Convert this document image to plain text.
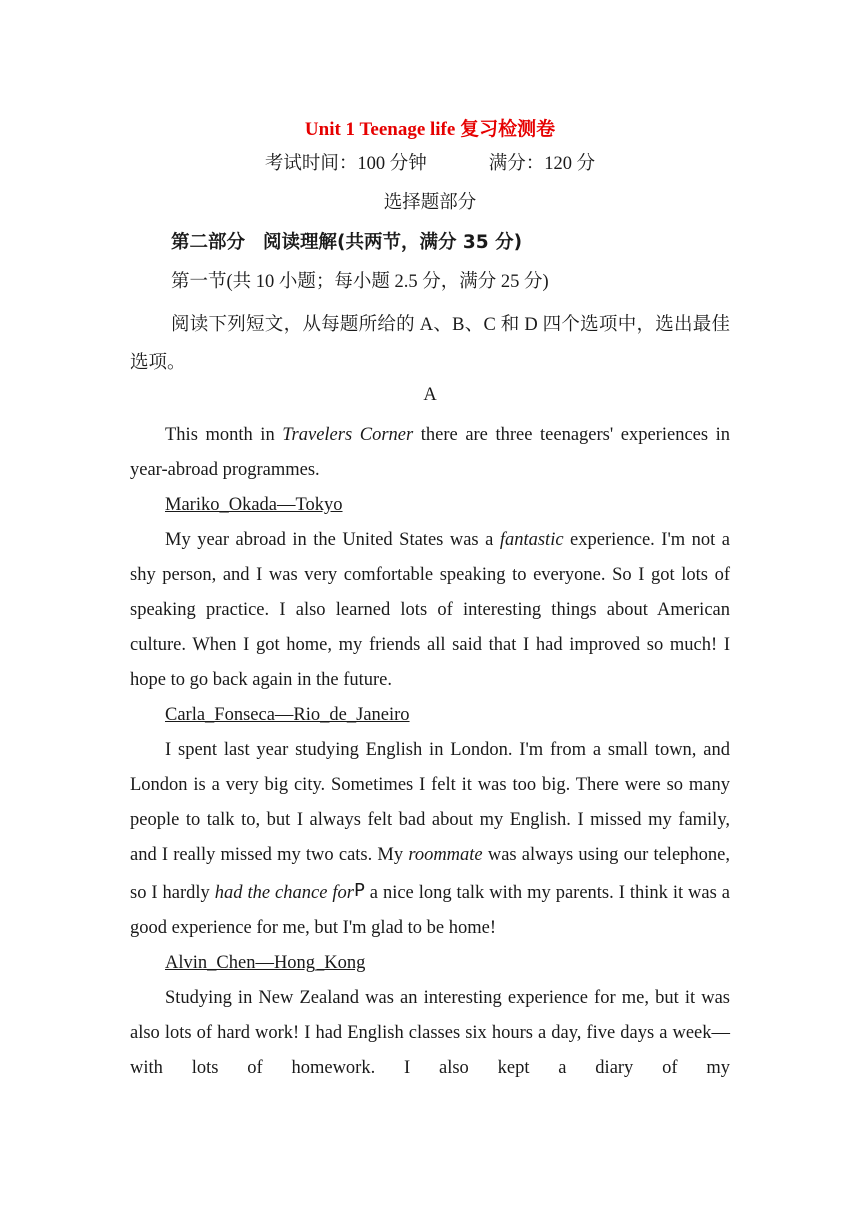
Unit 1 Teenage life 复习检测卷
考试时间：100 分钟	满分：120 分
选择题部分
第二部分 阅读理解(共两节，满分 35 分)
第一节(共 10 小题；每小题 2.5 分，满分 25 分)
阅读下列短文，从每题所给的 A、B、C 和 D 四个选项中，选出最佳选项。
A

This month in Travelers Corner there are three teenagers' experiences in year-abroad programmes.

Mariko_Okada—Tokyo

My year abroad in the United States was a fantastic experience. I'm not a shy person, and I was very comfortable speaking to everyone. So I got lots of speaking practice. I also learned lots of interesting things about American culture. When I got home, my friends all said that I had improved so much! I hope to go back again in the future.

Carla_Fonseca—Rio_de_Janeiro

I spent last year studying English in London. I'm from a small town, and London is a very big city. Sometimes I felt it was too big. There were so many people to talk to, but I always felt bad about my English. I missed my family, and I really missed my two cats. My roommate was always using our telephone, so I hardly had the chance forP a nice long talk with my parents. I think it was a good experience for me, but I'm glad to be home!

Alvin_Chen—Hong_Kong

Studying in New Zealand was an interesting experience for me, but it was also lots of hard work! I had English classes six hours a day, five days a week—with lots of homework. I also kept a diary of my
